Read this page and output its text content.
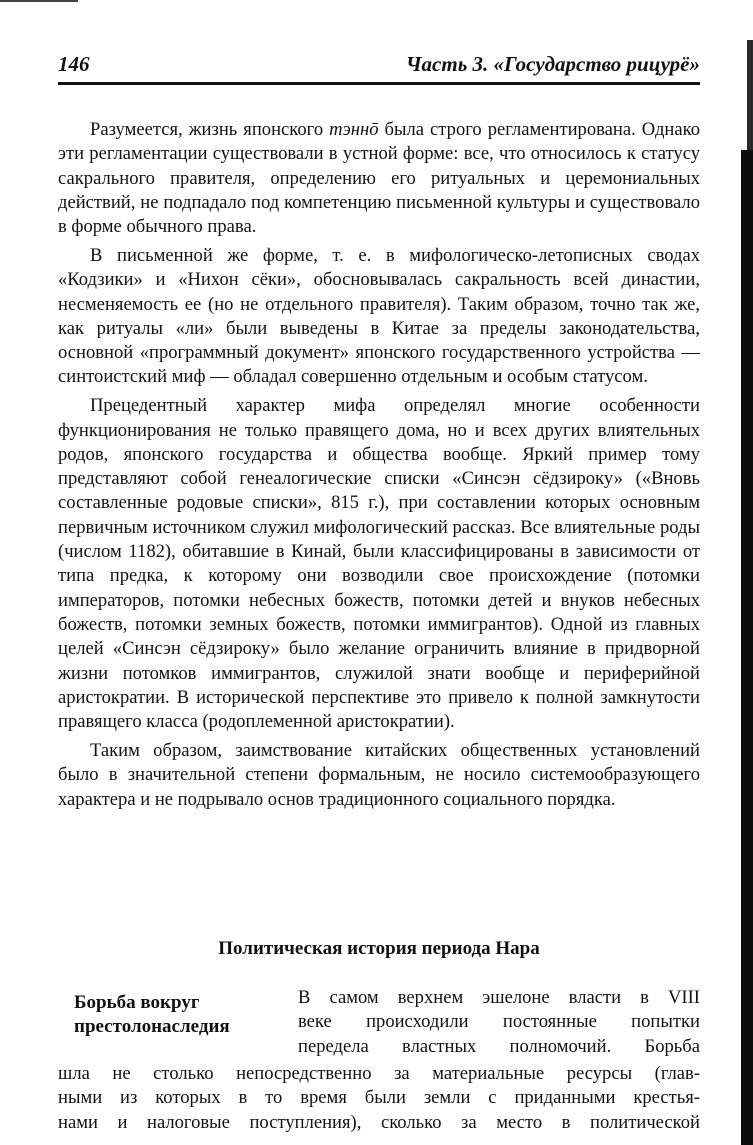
146	Часть 3. «Государство рицурё»

Разумеется, жизнь японского тэннō была строго регламентирована. Однако эти регламентации существовали в устной форме: все, что относилось к статусу сакрального правителя, определению его ритуальных и церемониальных действий, не подпадало под компетенцию письменной культуры и существовало в форме обычного права.

В письменной же форме, т. е. в мифологическо-летописных сводах «Кодзики» и «Нихон сёки», обосновывалась сакральность всей династии, несменяемость ее (но не отдельного правителя). Таким образом, точно так же, как ритуалы «ли» были выведены в Китае за пределы законодательства, основной «программный документ» японского государственного устройства — синтоистский миф — обладал совершенно отдельным и особым статусом.

Прецедентный характер мифа определял многие особенности функционирования не только правящего дома, но и всех других влиятельных родов, японского государства и общества вообще. Яркий пример тому представляют собой генеалогические списки «Синсэн сёдзироку» («Вновь составленные родовые списки», 815 г.), при составлении которых основным первичным источником служил мифологический рассказ. Все влиятельные роды (числом 1182), обитавшие в Кинай, были классифицированы в зависимости от типа предка, к которому они возводили свое происхождение (потомки императоров, потомки небесных божеств, потомки детей и внуков небесных божеств, потомки земных божеств, потомки иммигрантов). Одной из главных целей «Синсэн сёдзироку» было желание ограничить влияние в придворной жизни потомков иммигрантов, служилой знати вообще и периферийной аристократии. В исторической перспективе это привело к полной замкнутости правящего класса (родоплеменной аристократии).

Таким образом, заимствование китайских общественных установлений было в значительной степени формальным, не носило системообразующего характера и не подрывало основ традиционного социального порядка.

Политическая история периода Нара
Борьба вокруг
престолонаследия
В самом верхнем эшелоне власти в VIII
веке происходили постоянные попытки
передела властных полномочий. Борьба
шла не столько непосредственно за материальные ресурсы (глав-
ными из которых в то время были земли с приданными крестья-
нами и налоговые поступления), сколько за место в политической
